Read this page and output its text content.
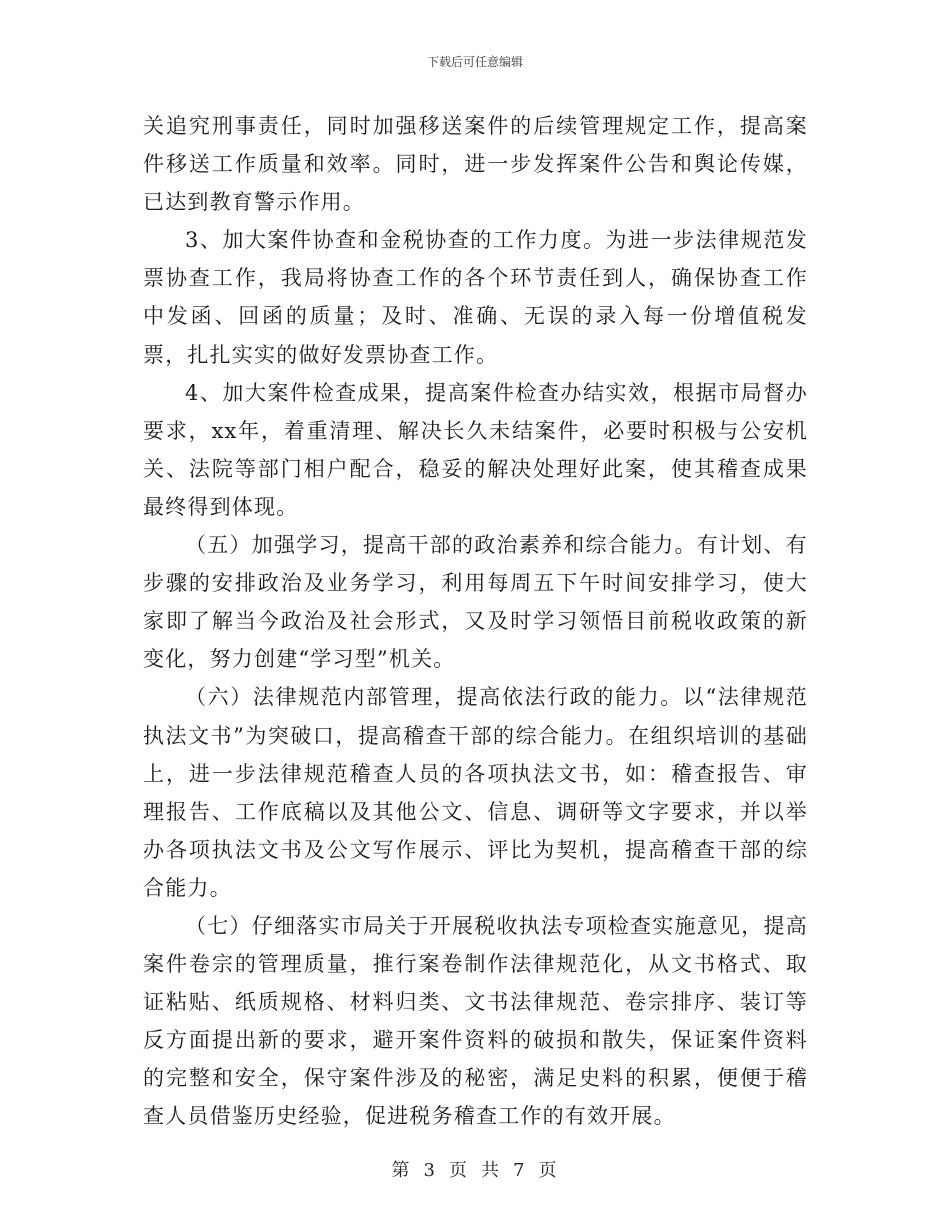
下载后可任意编辑

关追究刑事责任，同时加强移送案件的后续管理规定工作，提高案件移送工作质量和效率。同时，进一步发挥案件公告和舆论传媒，已达到教育警示作用。

3、加大案件协查和金税协查的工作力度。为进一步法律规范发票协查工作，我局将协查工作的各个环节责任到人，确保协查工作中发函、回函的质量；及时、准确、无误的录入每一份增值税发票，扎扎实实的做好发票协查工作。

4、加大案件检查成果，提高案件检查办结实效，根据市局督办要求，xx年，着重清理、解决长久未结案件，必要时积极与公安机关、法院等部门相户配合，稳妥的解决处理好此案，使其稽查成果最终得到体现。

（五）加强学习，提高干部的政治素养和综合能力。有计划、有步骤的安排政治及业务学习，利用每周五下午时间安排学习，使大家即了解当今政治及社会形式，又及时学习领悟目前税收政策的新变化，努力创建“学习型”机关。

（六）法律规范内部管理，提高依法行政的能力。以“法律规范执法文书”为突破口，提高稽查干部的综合能力。在组织培训的基础上，进一步法律规范稽查人员的各项执法文书，如：稽查报告、审理报告、工作底稿以及其他公文、信息、调研等文字要求，并以举办各项执法文书及公文写作展示、评比为契机，提高稽查干部的综合能力。

（七）仔细落实市局关于开展税收执法专项检查实施意见，提高案件卷宗的管理质量，推行案卷制作法律规范化，从文书格式、取证粘贴、纸质规格、材料归类、文书法律规范、卷宗排序、装订等反方面提出新的要求，避开案件资料的破损和散失，保证案件资料的完整和安全，保守案件涉及的秘密，满足史料的积累，便便于稽查人员借鉴历史经验，促进税务稽查工作的有效开展。

第 3 页 共 7 页
